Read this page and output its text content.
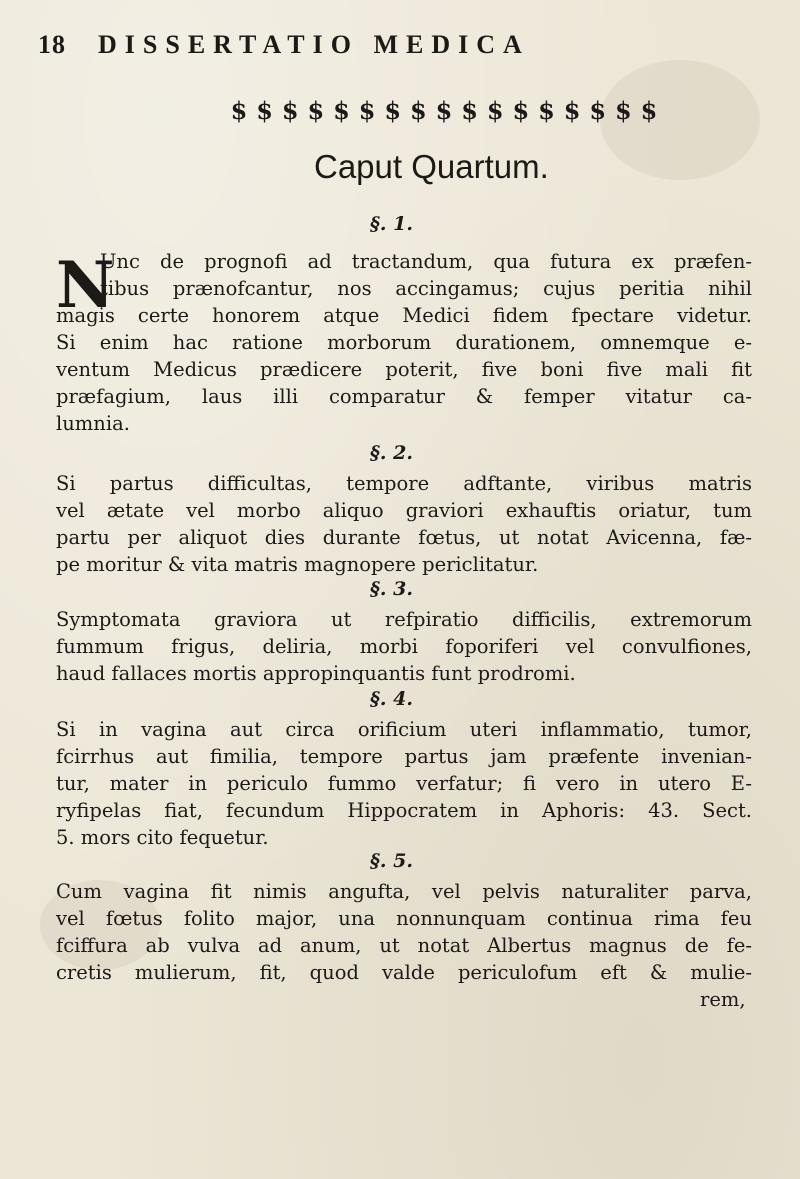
18 DISSERTATIO MEDICA
$ $ $ $ $ $ $ $ $ $ $ $ $ $ $ $ $
Caput Quartum.
§. 1.
N
Unc de prognofi ad tractandum, qua futura ex præfen-
tibus prænofcantur, nos accingamus; cujus peritia nihil
magis certe honorem atque Medici fidem fpectare videtur.
Si enim hac ratione morborum durationem, omnemque e-
ventum Medicus prædicere poterit, five boni five mali fit
præfagium, laus illi comparatur & femper vitatur ca-
lumnia.
§. 2.
Si partus difficultas, tempore adftante, viribus matris
vel ætate vel morbo aliquo graviori exhauftis oriatur, tum
partu per aliquot dies durante fœtus, ut notat Avicenna, fæ-
pe moritur & vita matris magnopere periclitatur.
§. 3.
Symptomata graviora ut refpiratio difficilis, extremorum
fummum frigus, deliria, morbi foporiferi vel convulfiones,
haud fallaces mortis appropinquantis funt prodromi.
§. 4.
Si in vagina aut circa orificium uteri inflammatio, tumor,
fcirrhus aut fimilia, tempore partus jam præfente invenian-
tur, mater in periculo fummo verfatur; fi vero in utero E-
ryfipelas fiat, fecundum Hippocratem in Aphoris: 43. Sect.
5. mors cito fequetur.
§. 5.
Cum vagina fit nimis angufta, vel pelvis naturaliter parva,
vel fœtus folito major, una nonnunquam continua rima feu
fciffura ab vulva ad anum, ut notat Albertus magnus de fe-
cretis mulierum, fit, quod valde periculofum eft & mulie-
rem,
